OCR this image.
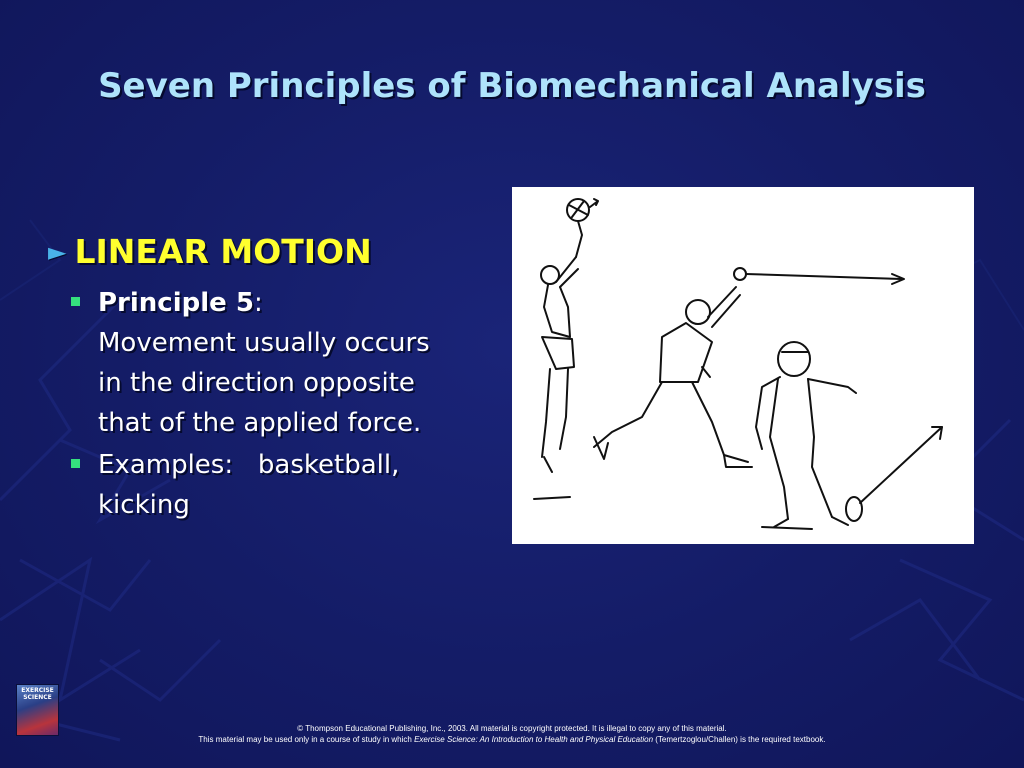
Seven Principles of Biomechanical Analysis
► LINEAR MOTION
Principle 5:
Movement usually occurs in the direction opposite that of the applied force.
Examples:   basketball, kicking
EXERCISE SCIENCE
© Thompson Educational Publishing, Inc., 2003. All material is copyright protected. It is illegal to copy any of this material.
This material may be used only in a course of study in which Exercise Science: An Introduction to Health and Physical Education (Temertzoglou/Challen) is the required textbook.
